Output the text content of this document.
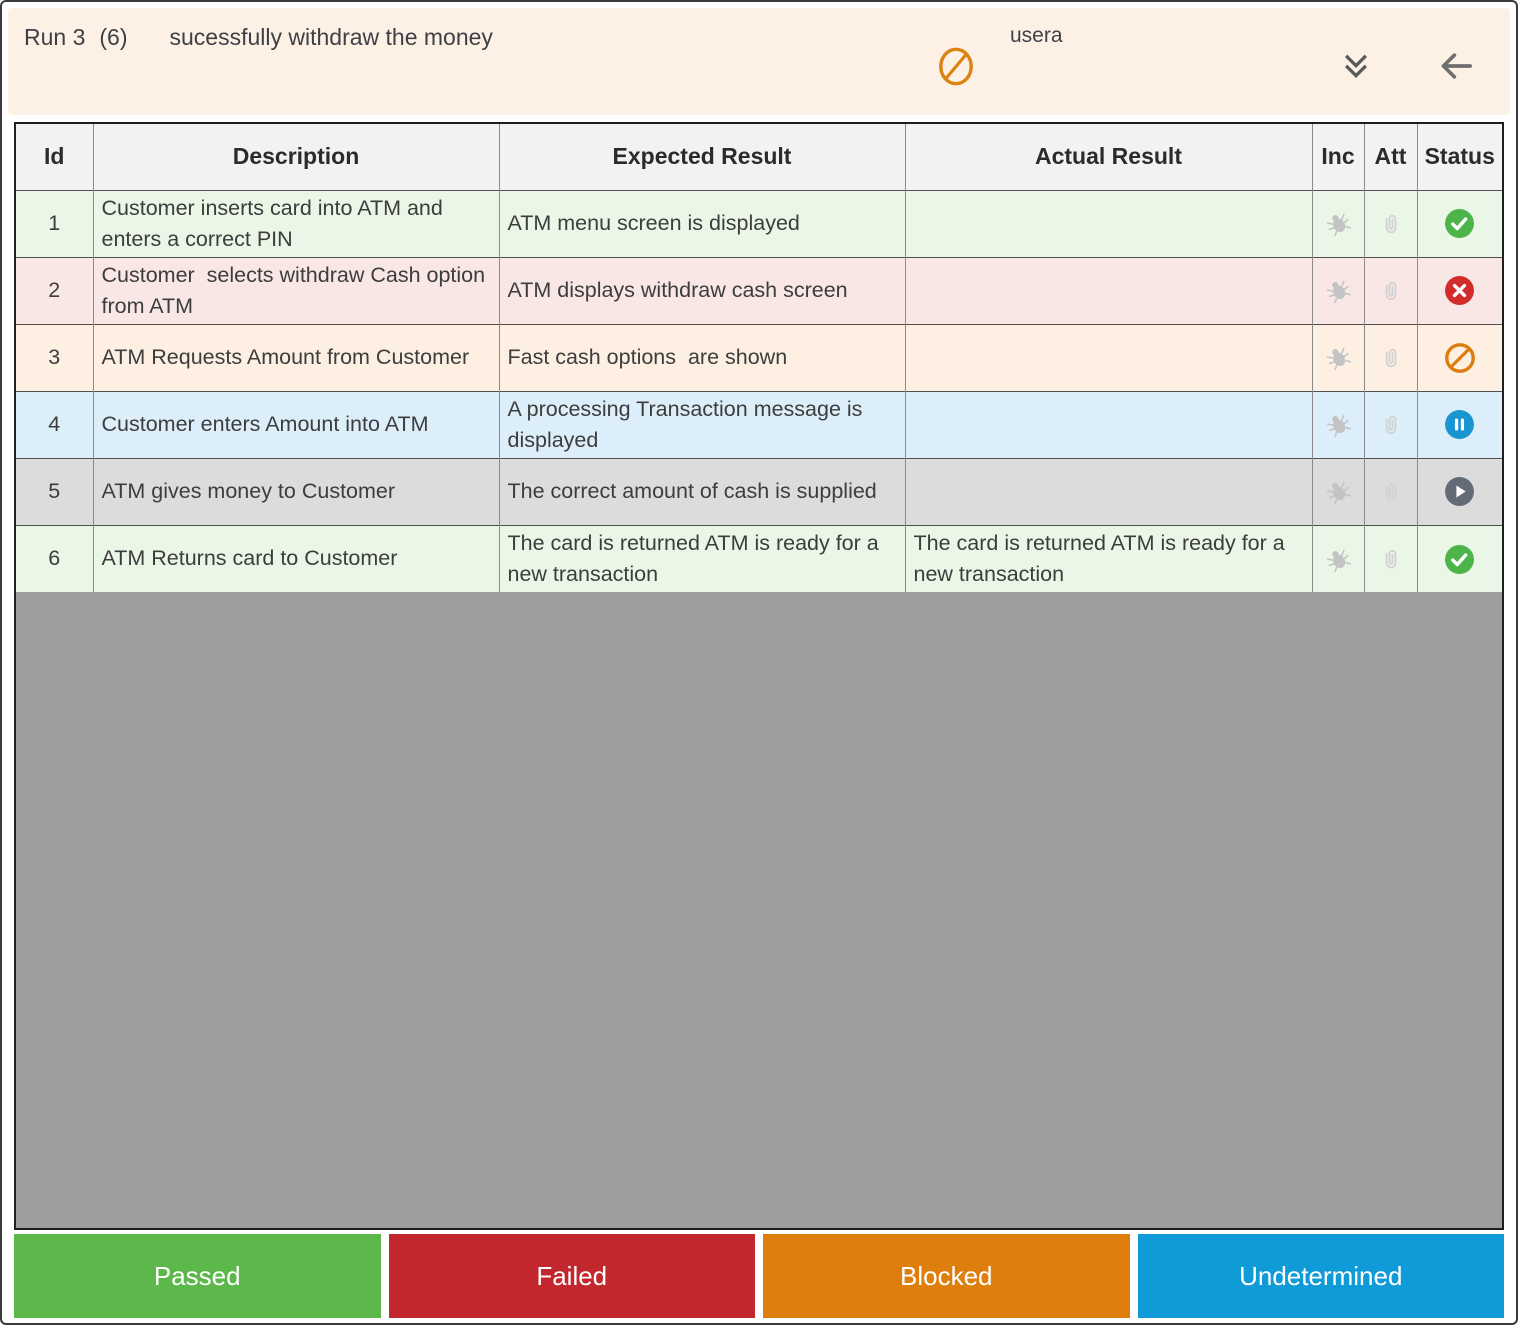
Run 3 (6) sucessfully withdraw the money	usera
Id	Description	Expected Result	Actual Result	Inc	Att	Status
1	Customer inserts card into ATM and enters a correct PIN	ATM menu screen is displayed				
2	Customer  selects withdraw Cash option from ATM	ATM displays withdraw cash screen				
3	ATM Requests Amount from Customer	Fast cash options  are shown				
4	Customer enters Amount into ATM	A processing Transaction message is displayed				
5	ATM gives money to Customer	The correct amount of cash is supplied				
6	ATM Returns card to Customer	The card is returned ATM is ready for a new transaction	The card is returned ATM is ready for a new transaction			
Passed	Failed	Blocked	Undetermined
